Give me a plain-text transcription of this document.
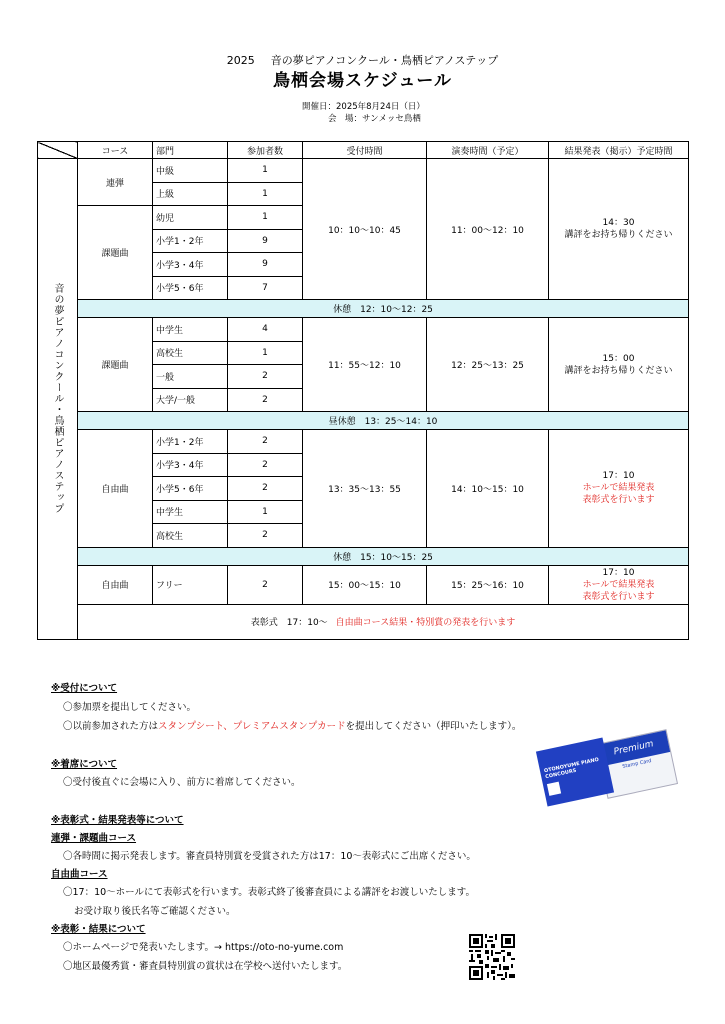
2025 音の夢ピアノコンクール・鳥栖ピアノステップ
鳥栖会場スケジュール
開催日：2025年8月24日（日）
会　場：サンメッセ鳥栖
	コース	部門	参加者数	受付時間	演奏時間（予定）	結果発表（掲示）予定時間
音の夢ピアノコンクール・鳥栖ピアノステップ	連弾	中級	1	10：10〜10：45	11：00〜12：10	14：30
講評をお持ち帰りください

		上級	1			
	課題曲	幼児	1			
		小学1・2年	9			
		小学3・4年	9			
		小学5・6年	7			
	休憩　12：10〜12：25					
	課題曲	中学生	4	11：55〜12：10	12：25〜13：25	15：00
講評をお持ち帰りください

		高校生	1			
		一般	2			
		大学/一般	2			
	昼休憩　13：25〜14：10					
	自由曲	小学1・2年	2	13：35〜13：55	14：10〜15：10	17：10
ホールで結果発表
表彰式を行います

		小学3・4年	2			
		小学5・6年	2			
		中学生	1			
		高校生	2			
	休憩　15：10〜15：25					
	自由曲	フリー	2	15：00〜15：10	15：25〜16：10	17：10
ホールで結果発表
表彰式を行います

	表彰式　17：10〜 自由曲コース結果・特別賞の発表を行います					
※受付について
〇参加票を提出してください。
〇以前参加された方はスタンプシート、プレミアムスタンプカードを提出してください（押印いたします）。
※着席について
〇受付後直ぐに会場に入り、前方に着席してください。
※表彰式・結果発表等について
連弾・課題曲コース
〇各時間に掲示発表します。審査員特別賞を受賞された方は17：10〜表彰式にご出席ください。
自由曲コース
〇17：10〜ホールにて表彰式を行います。表彰式終了後審査員による講評をお渡しいたします。
お受け取り後氏名等ご確認ください。
※表彰・結果について
〇ホームページで発表いたします。→ https://oto-no-yume.com
〇地区最優秀賞・審査員特別賞の賞状は在学校へ送付いたします。
Premium
Stamp Card
OTONOYUME PIANO CONCOURS
